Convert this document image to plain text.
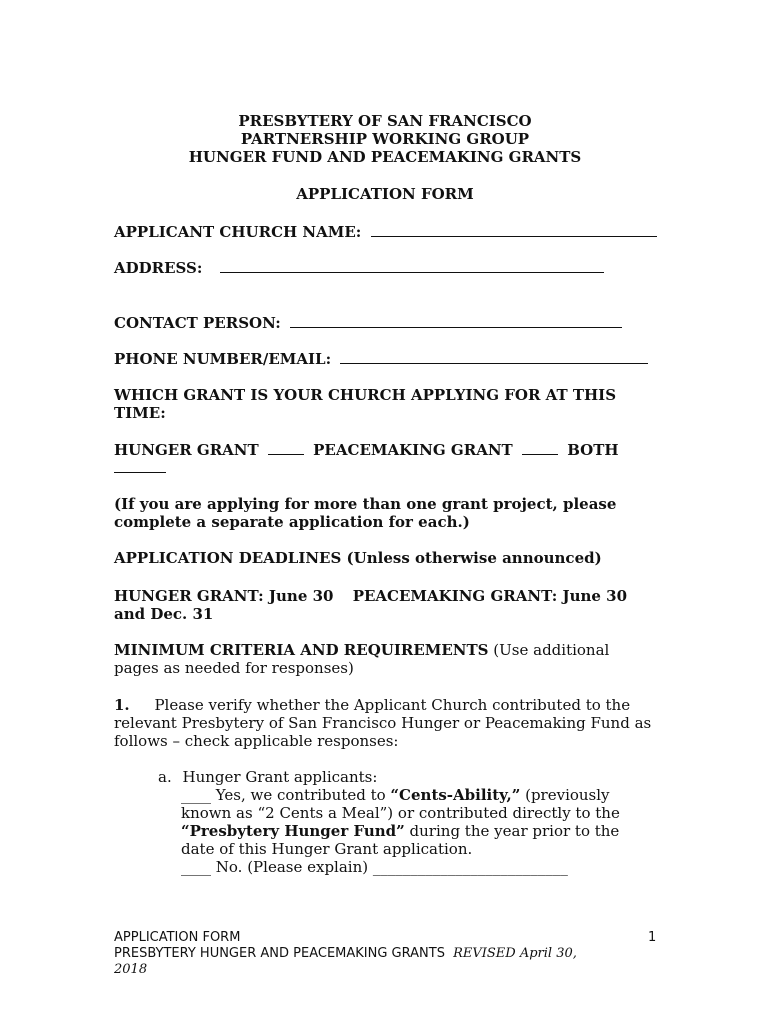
PRESBYTERY OF SAN FRANCISCO
PARTNERSHIP WORKING GROUP
HUNGER FUND AND PEACEMAKING GRANTS
APPLICATION FORM
APPLICANT CHURCH NAME:
ADDRESS:
CONTACT PERSON:
PHONE NUMBER/EMAIL:
WHICH GRANT IS YOUR CHURCH APPLYING FOR AT THIS
TIME:
HUNGER GRANT	PEACEMAKING GRANT	BOTH
(If you are applying for more than one grant project, please
complete a separate application for each.)
APPLICATION DEADLINES (Unless otherwise announced)
HUNGER GRANT: June 30 PEACEMAKING GRANT: June 30
and Dec. 31
MINIMUM CRITERIA AND REQUIREMENTS (Use additional
pages as needed for responses)
1. Please verify whether the Applicant Church contributed to the
relevant Presbytery of San Francisco Hunger or Peacemaking Fund as
follows – check applicable responses:
a. Hunger Grant applicants:
____ Yes, we contributed to “Cents-Ability,” (previously
known as “2 Cents a Meal”) or contributed directly to the
“Presbytery Hunger Fund” during the year prior to the
date of this Hunger Grant application.
____ No. (Please explain) __________________________
APPLICATION FORM	1
PRESBYTERY HUNGER AND PEACEMAKING GRANTS REVISED April 30,
2018
